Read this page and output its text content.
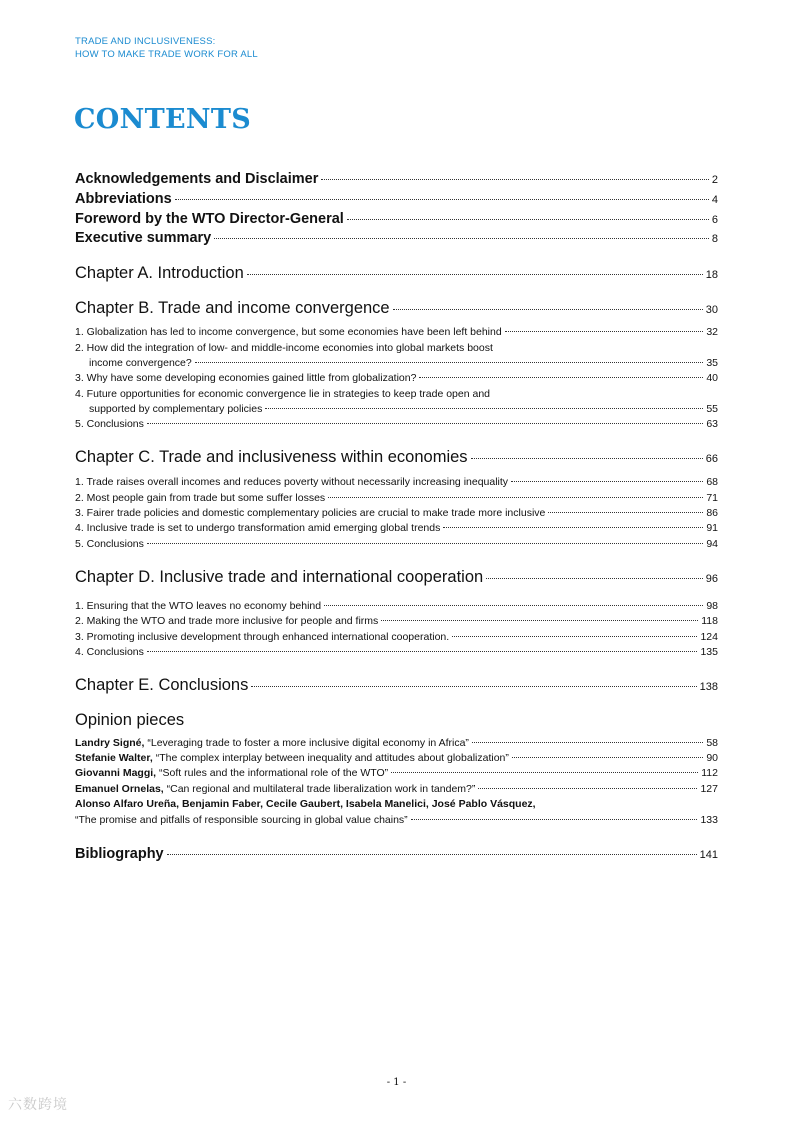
TRADE AND INCLUSIVENESS:
HOW TO MAKE TRADE WORK FOR ALL
CONTENTS
Acknowledgements and Disclaimer	2
Abbreviations	4
Foreword by the WTO Director-General	6
Executive summary	8
Chapter A. Introduction	18
Chapter B. Trade and income convergence	30
1. Globalization has led to income convergence, but some economies have been left behind	32
2. How did the integration of low- and middle-income economies into global markets boost
income convergence?	35
3. Why have some developing economies gained little from globalization?	40
4. Future opportunities for economic convergence lie in strategies to keep trade open and
supported by complementary policies	55
5. Conclusions	63
Chapter C. Trade and inclusiveness within economies	66
1. Trade raises overall incomes and reduces poverty without necessarily increasing inequality	68
2. Most people gain from trade but some suffer losses	71
3. Fairer trade policies and domestic complementary policies are crucial to make trade more inclusive	86
4. Inclusive trade is set to undergo transformation amid emerging global trends	91
5. Conclusions	94
Chapter D. Inclusive trade and international cooperation	96
1. Ensuring that the WTO leaves no economy behind	98
2. Making the WTO and trade more inclusive for people and firms	118
3. Promoting inclusive development through enhanced international cooperation.	124
4. Conclusions	135
Chapter E. Conclusions	138
Opinion pieces
Landry Signé, “Leveraging trade to foster a more inclusive digital economy in Africa”	58
Stefanie Walter, “The complex interplay between inequality and attitudes about globalization”	90
Giovanni Maggi, “Soft rules and the informational role of the WTO”	112
Emanuel Ornelas, “Can regional and multilateral trade liberalization work in tandem?”	127
Alonso Alfaro Ureña, Benjamin Faber, Cecile Gaubert, Isabela Manelici, José Pablo Vásquez,
“The promise and pitfalls of responsible sourcing in global value chains”	133
Bibliography	141
- 1 -
六数跨境
